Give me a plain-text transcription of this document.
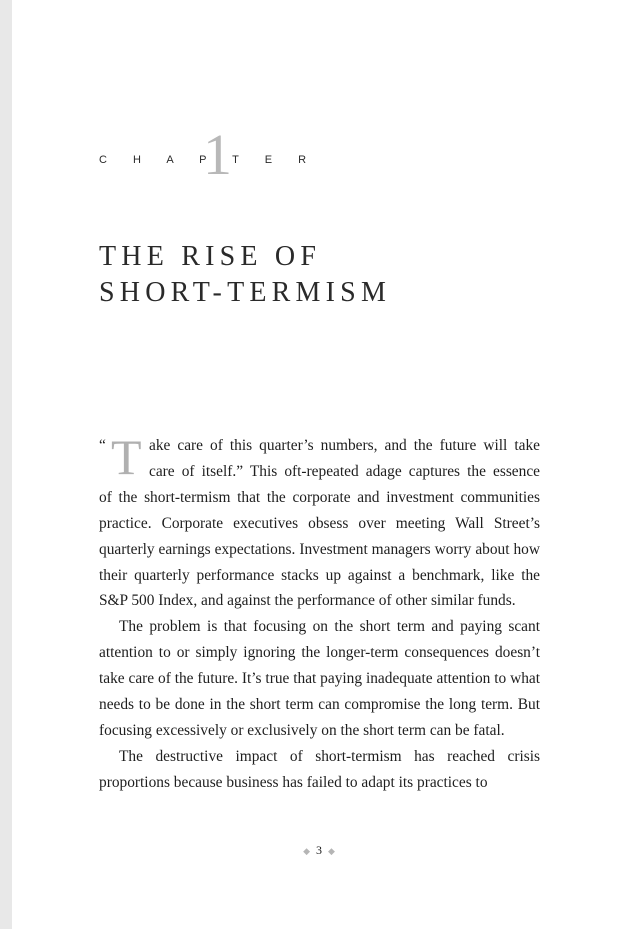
C H A P T E R
1
THE RISE OF
SHORT-TERMISM

“ T ake care of this quarter’s numbers, and the future will take
care of itself.” This oft-repeated adage captures the essence
of the short-termism that the corporate and investment communities practice. Corporate executives obsess over meeting Wall Street’s quarterly earnings expectations. Investment managers worry about how their quarterly performance stacks up against a benchmark, like the S&P 500 Index, and against the performance of other similar funds.

The problem is that focusing on the short term and paying scant attention to or simply ignoring the longer-term consequences doesn’t take care of the future. It’s true that paying inadequate attention to what needs to be done in the short term can compromise the long term. But focusing excessively or exclusively on the short term can be fatal.

The destructive impact of short-termism has reached crisis proportions because business has failed to adapt its practices to

◆ 3 ◆
